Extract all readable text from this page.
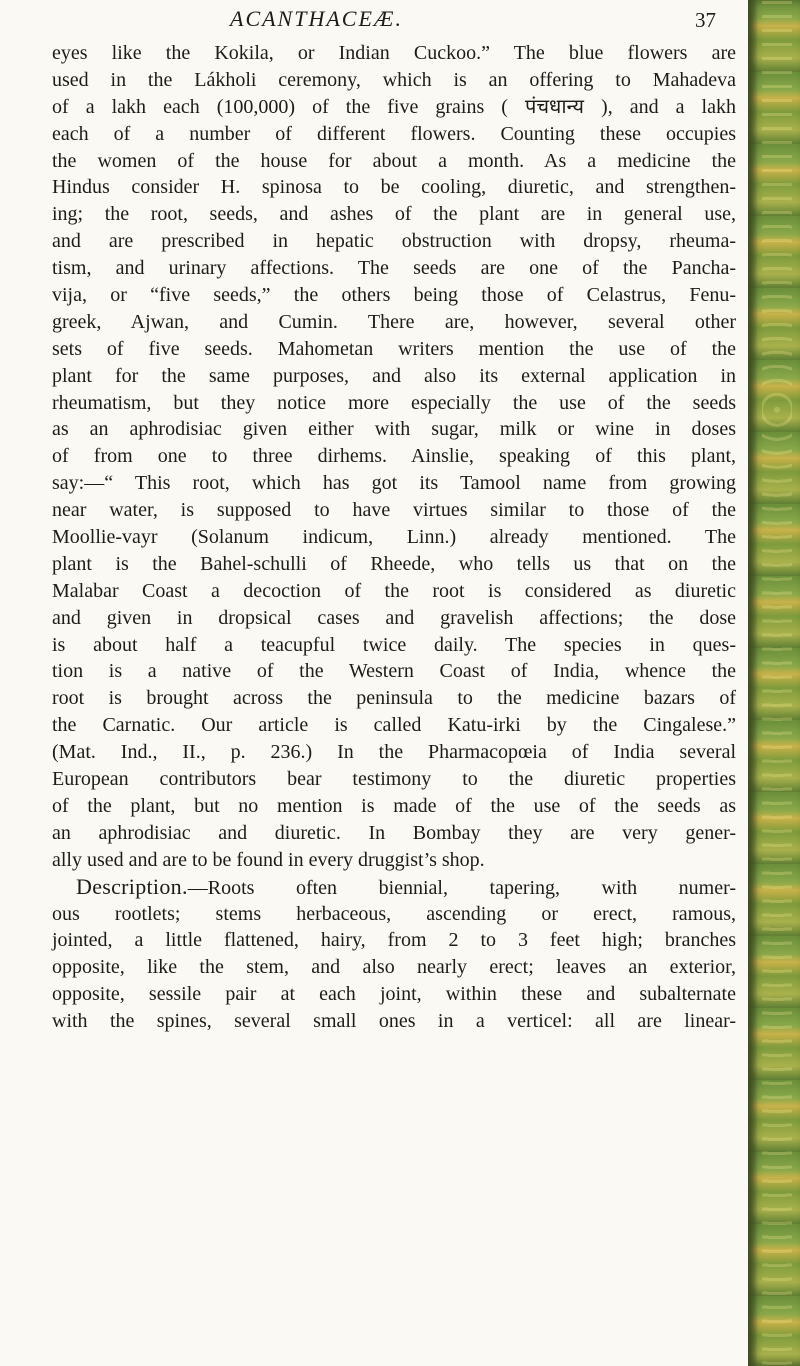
ACANTHACEÆ.	37
eyes like the Kokila, or Indian Cuckoo.” The blue flowers are
used in the Lákholi ceremony, which is an offering to Mahadeva
of a lakh each (100,000) of the five grains ( पंचधान्य ), and a lakh
each of a number of different flowers. Counting these occupies
the women of the house for about a month. As a medicine the
Hindus consider H. spinosa to be cooling, diuretic, and strengthen-
ing; the root, seeds, and ashes of the plant are in general use,
and are prescribed in hepatic obstruction with dropsy, rheuma-
tism, and urinary affections. The seeds are one of the Pancha-
vija, or “five seeds,” the others being those of Celastrus, Fenu-
greek, Ajwan, and Cumin. There are, however, several other
sets of five seeds. Mahometan writers mention the use of the
plant for the same purposes, and also its external application in
rheumatism, but they notice more especially the use of the seeds
as an aphrodisiac given either with sugar, milk or wine in doses
of from one to three dirhems. Ainslie, speaking of this plant,
say:—“ This root, which has got its Tamool name from growing
near water, is supposed to have virtues similar to those of the
Moollie-vayr (Solanum indicum, Linn.) already mentioned. The
plant is the Bahel-schulli of Rheede, who tells us that on the
Malabar Coast a decoction of the root is considered as diuretic
and given in dropsical cases and gravelish affections; the dose
is about half a teacupful twice daily. The species in ques-
tion is a native of the Western Coast of India, whence the
root is brought across the peninsula to the medicine bazars of
the Carnatic. Our article is called Katu-irki by the Cingalese.”
(Mat. Ind., II., p. 236.) In the Pharmacopœia of India several
European contributors bear testimony to the diuretic properties
of the plant, but no mention is made of the use of the seeds as
an aphrodisiac and diuretic. In Bombay they are very gener-
ally used and are to be found in every druggist’s shop.
Description.—Roots often biennial, tapering, with numer-
ous rootlets; stems herbaceous, ascending or erect, ramous,
jointed, a little flattened, hairy, from 2 to 3 feet high; branches
opposite, like the stem, and also nearly erect; leaves an exterior,
opposite, sessile pair at each joint, within these and subalternate
with the spines, several small ones in a verticel: all are linear-
